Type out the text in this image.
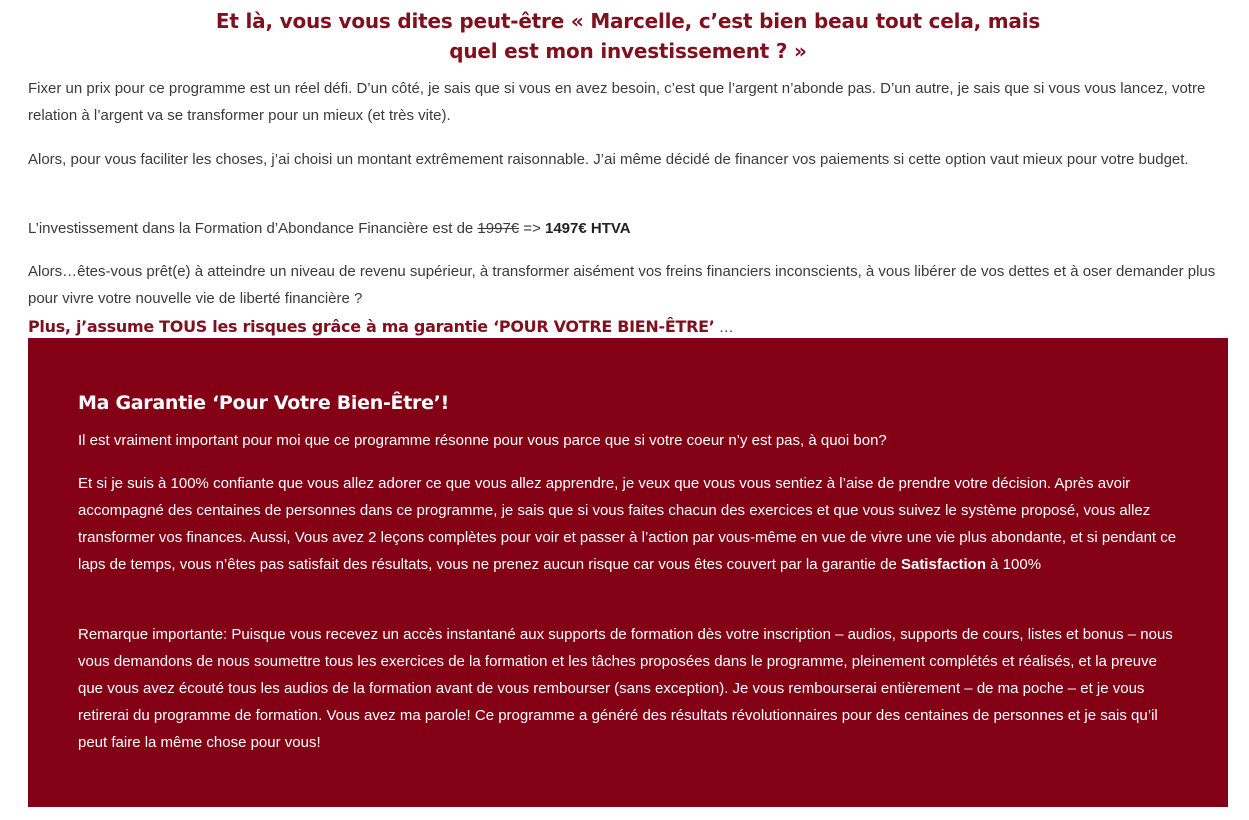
Et là, vous vous dites peut-être « Marcelle, c’est bien beau tout cela, mais
quel est mon investissement ? »

Fixer un prix pour ce programme est un réel défi. D’un côté, je sais que si vous en avez besoin, c’est que l’argent n’abonde pas. D’un autre, je sais que si vous vous lancez, votre relation à l’argent va se transformer pour un mieux (et très vite).

Alors, pour vous faciliter les choses, j’ai choisi un montant extrêmement raisonnable. J’ai même décidé de financer vos paiements si cette option vaut mieux pour votre budget.

L’investissement dans la Formation d’Abondance Financière est de 1997€ => 1497€ HTVA

Alors…êtes-vous prêt(e) à atteindre un niveau de revenu supérieur, à transformer aisément vos freins financiers inconscients, à vous libérer de vos dettes et à oser demander plus pour vivre votre nouvelle vie de liberté financière ?

Plus, j’assume TOUS les risques grâce à ma garantie ‘POUR VOTRE BIEN-ÊTRE’ …
Ma Garantie ‘Pour Votre Bien-Être’!

Il est vraiment important pour moi que ce programme résonne pour vous parce que si votre coeur n’y est pas, à quoi bon?

Et si je suis à 100% confiante que vous allez adorer ce que vous allez apprendre, je veux que vous vous sentiez à l’aise de prendre votre décision. Après avoir accompagné des centaines de personnes dans ce programme, je sais que si vous faites chacun des exercices et que vous suivez le système proposé, vous allez transformer vos finances. Aussi, Vous avez 2 leçons complètes pour voir et passer à l’action par vous-même en vue de vivre une vie plus abondante, et si pendant ce laps de temps, vous n’êtes pas satisfait des résultats, vous ne prenez aucun risque car vous êtes couvert par la garantie de Satisfaction à 100%

Remarque importante: Puisque vous recevez un accès instantané aux supports de formation dès votre inscription – audios, supports de cours, listes et bonus – nous vous demandons de nous soumettre tous les exercices de la formation et les tâches proposées dans le programme, pleinement complétés et réalisés, et la preuve que vous avez écouté tous les audios de la formation avant de vous rembourser (sans exception). Je vous rembourserai entièrement – de ma poche – et je vous retirerai du programme de formation. Vous avez ma parole! Ce programme a généré des résultats révolutionnaires pour des centaines de personnes et je sais qu’il peut faire la même chose pour vous!
